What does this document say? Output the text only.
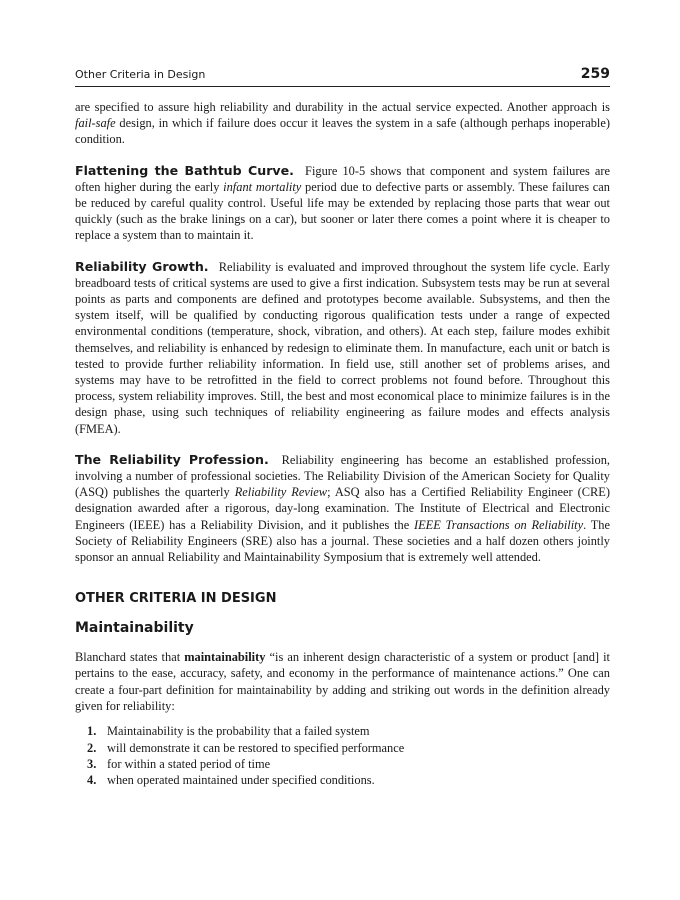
Other Criteria in Design	259

are specified to assure high reliability and durability in the actual service expected. Another approach is fail-safe design, in which if failure does occur it leaves the system in a safe (although perhaps inoperable) condition.

Flattening the Bathtub Curve. Figure 10-5 shows that component and system failures are often higher during the early infant mortality period due to defective parts or assembly. These failures can be reduced by careful quality control. Useful life may be extended by replacing those parts that wear out quickly (such as the brake linings on a car), but sooner or later there comes a point where it is cheaper to replace a system than to maintain it.

Reliability Growth. Reliability is evaluated and improved throughout the system life cycle. Early breadboard tests of critical systems are used to give a first indication. Subsystem tests may be run at several points as parts and components are defined and prototypes become available. Subsystems, and then the system itself, will be qualified by conducting rigorous qualification tests under a range of expected environmental conditions (temperature, shock, vibration, and others). At each step, failure modes exhibit themselves, and reliability is enhanced by redesign to eliminate them. In manufacture, each unit or batch is tested to provide further reliability information. In field use, still another set of problems arises, and systems may have to be retrofitted in the field to correct problems not found before. Throughout this process, system reliability improves. Still, the best and most economical place to minimize failures is in the design phase, using such techniques of reliability engineering as failure modes and effects analysis (FMEA).

The Reliability Profession. Reliability engineering has become an established profession, involving a number of professional societies. The Reliability Division of the American Society for Quality (ASQ) publishes the quarterly Reliability Review; ASQ also has a Certified Reliability Engineer (CRE) designation awarded after a rigorous, day-long examination. The Institute of Electrical and Electronic Engineers (IEEE) has a Reliability Division, and it publishes the IEEE Transactions on Reliability. The Society of Reliability Engineers (SRE) also has a journal. These societies and a half dozen others jointly sponsor an annual Reliability and Maintainability Symposium that is extremely well attended.

OTHER CRITERIA IN DESIGN
Maintainability

Blanchard states that maintainability “is an inherent design characteristic of a system or product [and] it pertains to the ease, accuracy, safety, and economy in the performance of maintenance actions.” One can create a four-part definition for maintainability by adding and striking out words in the definition already given for reliability:

1. Maintainability is the probability that a failed system
2. will demonstrate it can be restored to specified performance
3. for within a stated period of time
4. when operated maintained under specified conditions.
